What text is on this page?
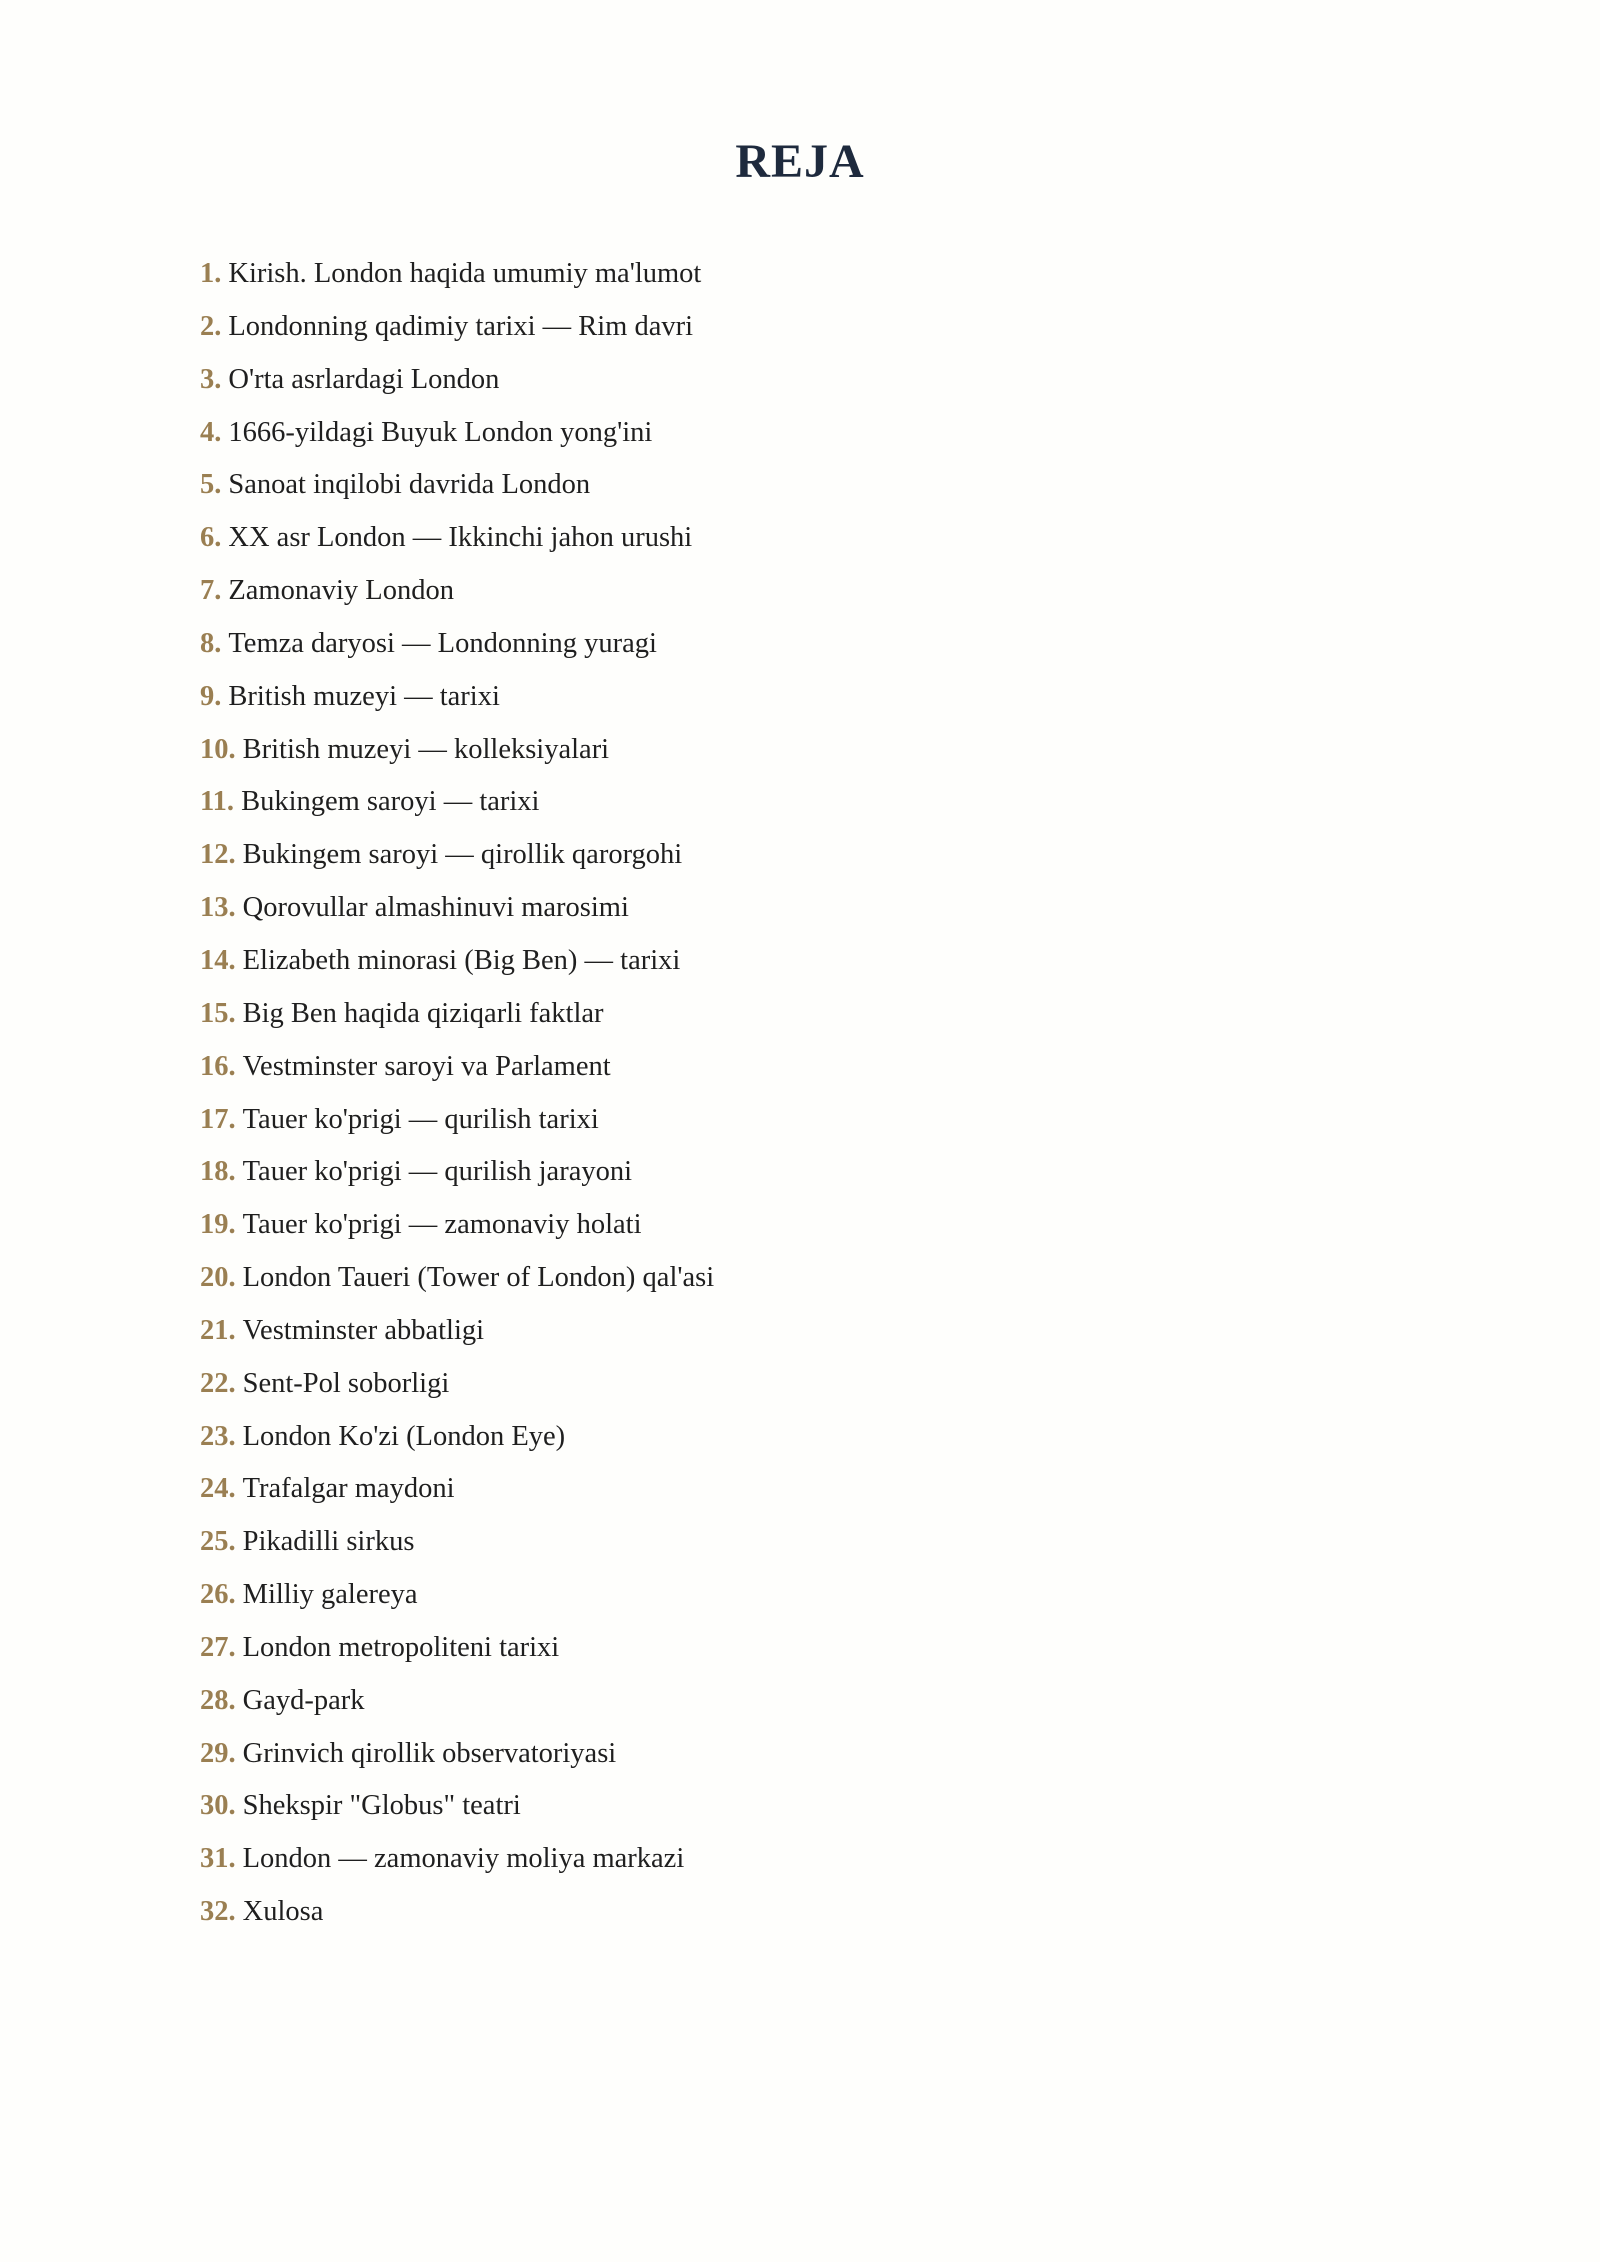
REJA
1. Kirish. London haqida umumiy ma'lumot
2. Londonning qadimiy tarixi — Rim davri
3. O'rta asrlardagi London
4. 1666-yildagi Buyuk London yong'ini
5. Sanoat inqilobi davrida London
6. XX asr London — Ikkinchi jahon urushi
7. Zamonaviy London
8. Temza daryosi — Londonning yuragi
9. British muzeyi — tarixi
10. British muzeyi — kolleksiyalari
11. Bukingem saroyi — tarixi
12. Bukingem saroyi — qirollik qarorgohi
13. Qorovullar almashinuvi marosimi
14. Elizabeth minorasi (Big Ben) — tarixi
15. Big Ben haqida qiziqarli faktlar
16. Vestminster saroyi va Parlament
17. Tauer ko'prigi — qurilish tarixi
18. Tauer ko'prigi — qurilish jarayoni
19. Tauer ko'prigi — zamonaviy holati
20. London Taueri (Tower of London) qal'asi
21. Vestminster abbatligi
22. Sent-Pol soborligi
23. London Ko'zi (London Eye)
24. Trafalgar maydoni
25. Pikadilli sirkus
26. Milliy galereya
27. London metropoliteni tarixi
28. Gayd-park
29. Grinvich qirollik observatoriyasi
30. Shekspir "Globus" teatri
31. London — zamonaviy moliya markazi
32. Xulosa
